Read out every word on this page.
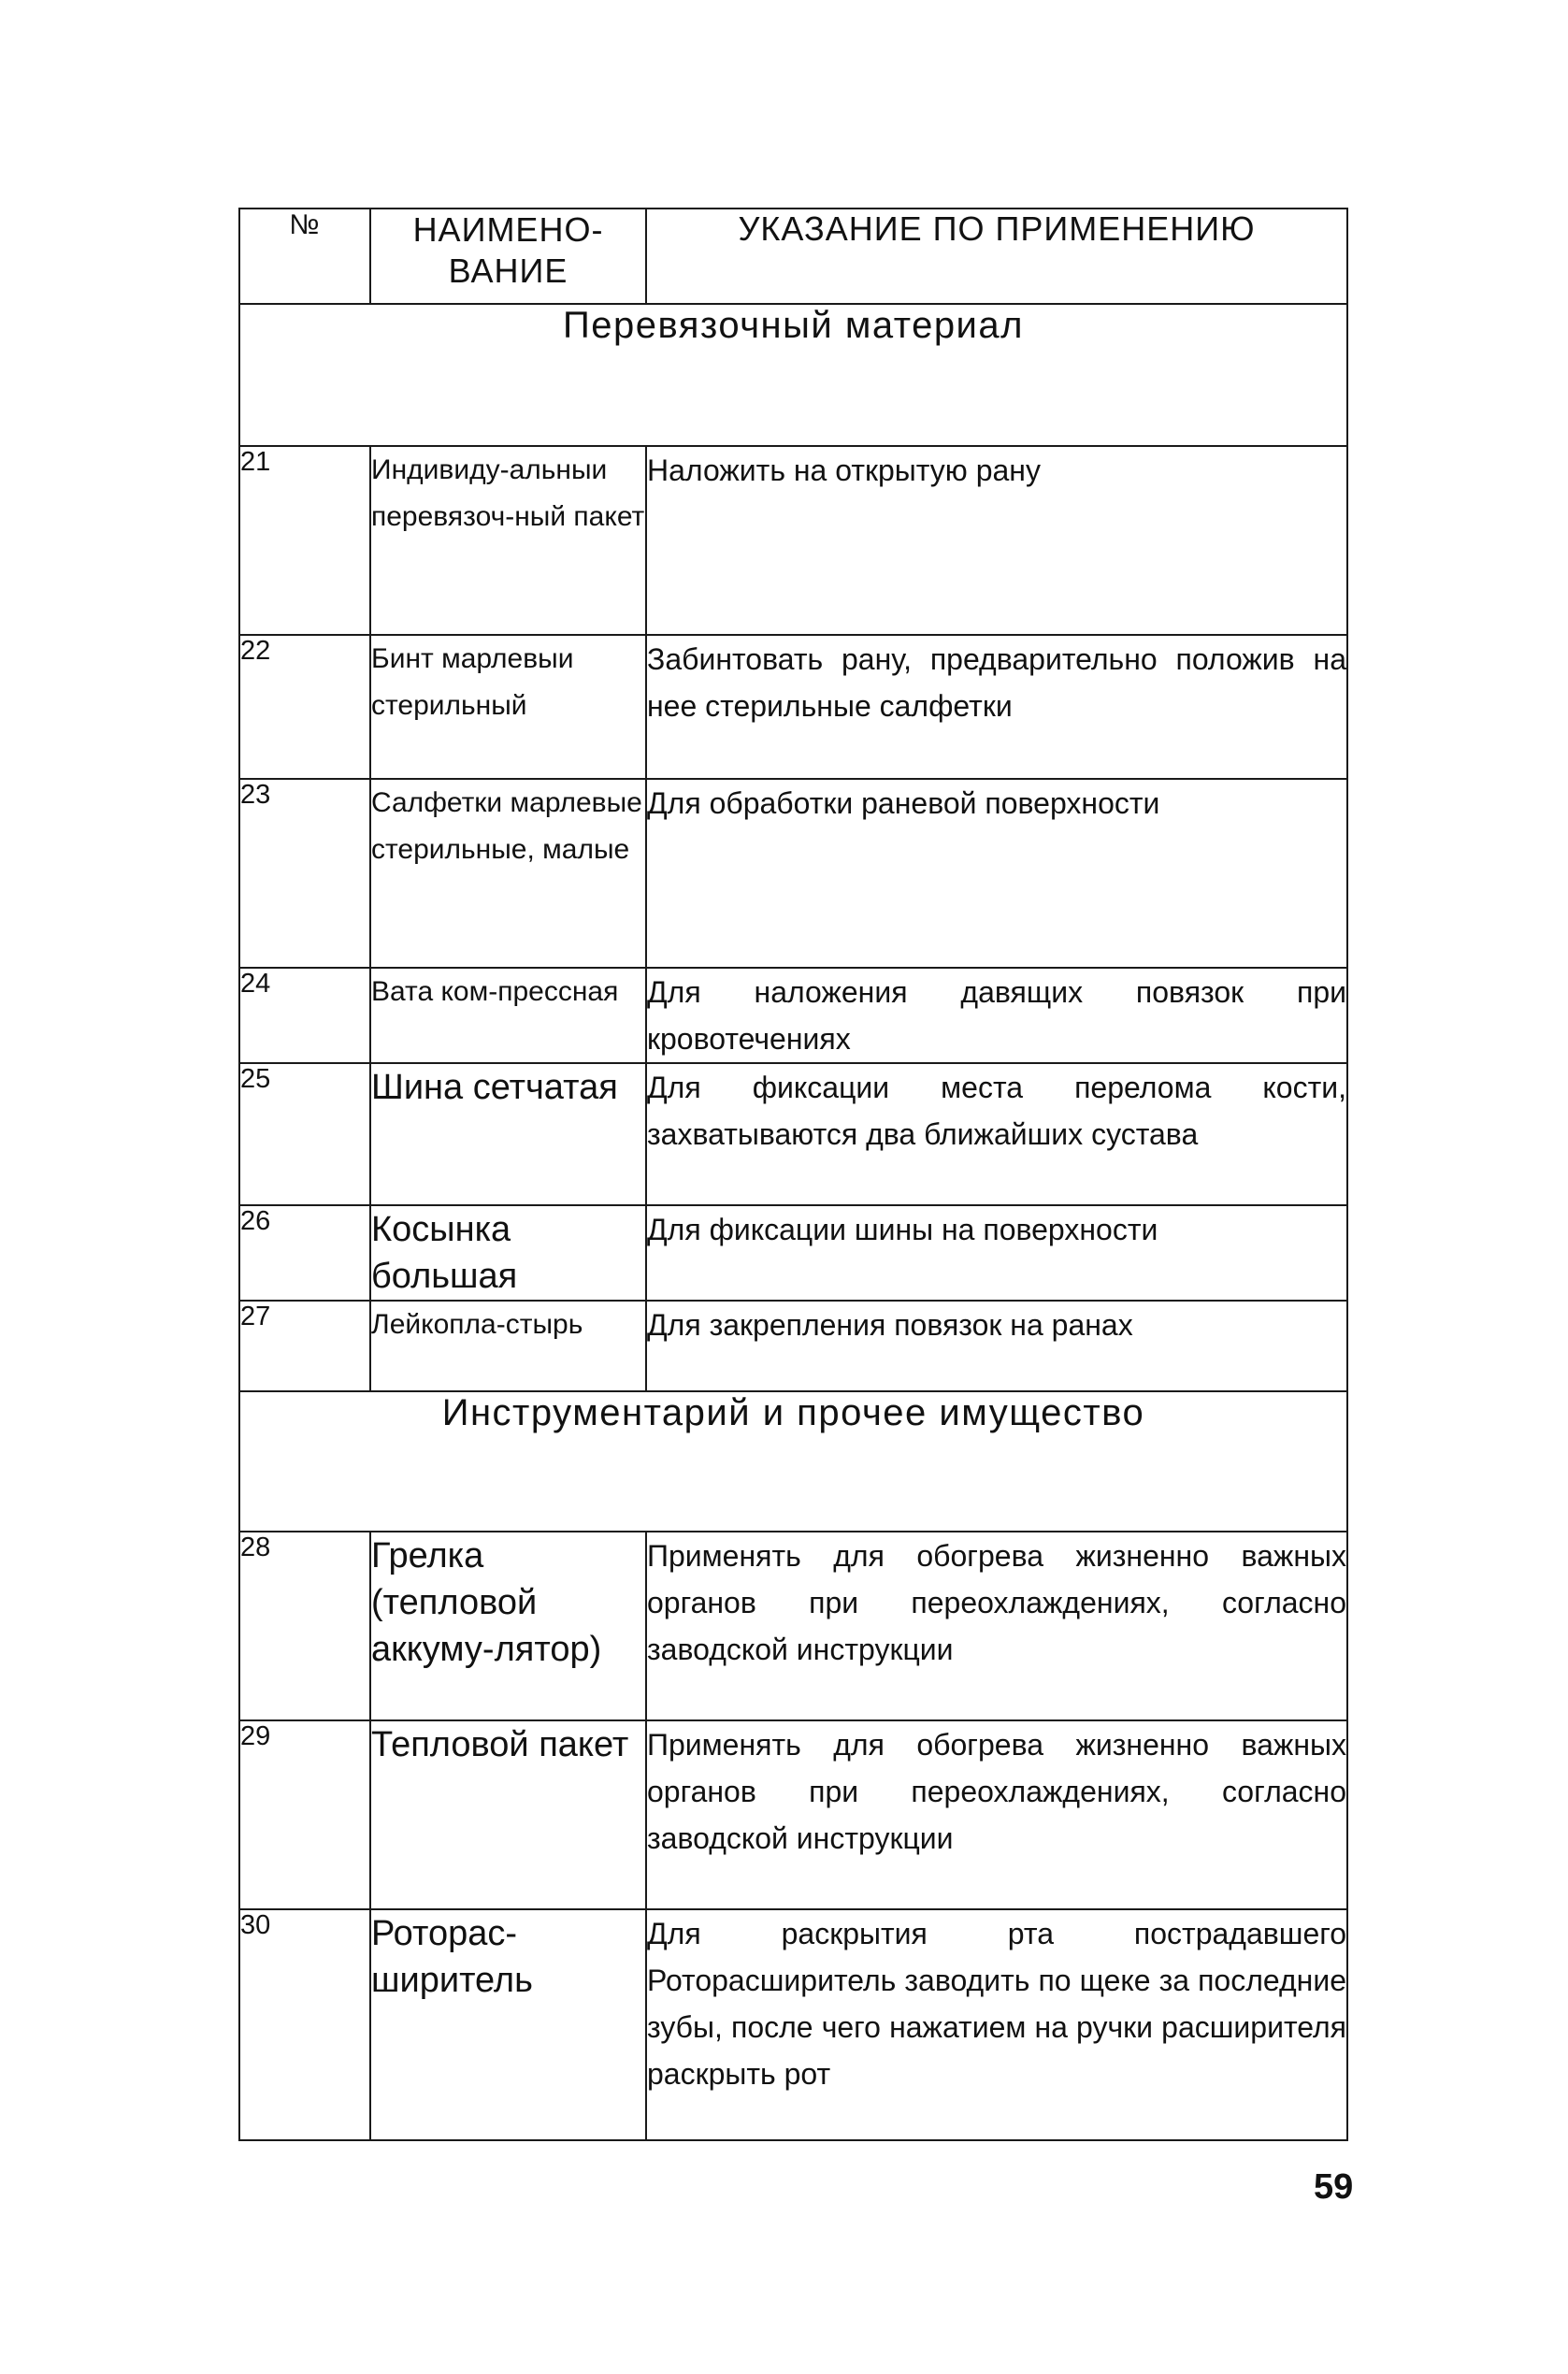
№	НАИМЕНО-ВАНИЕ	УКАЗАНИЕ ПО ПРИМЕНЕНИЮ
Перевязочный материал		
21	Индивиду-альныи перевязоч-ный пакет	Наложить на открытую рану
22	Бинт марлевыи стерильный	Забинтовать рану, предварительно положив на нее стерильные салфетки
23	Салфетки марлевые стерильные, малые	Для обработки раневой поверхности
24	Вата ком-прессная	Для наложения давящих повязок при кровотечениях
25	Шина сетчатая	Для фиксации места перелома кости, захватываются два ближайших сустава
26	Косынка большая	Для фиксации шины на поверхности
27	Лейкопла-стырь	Для закрепления повязок на ранах
Инструментарий и прочее имущество		
28	Грелка (тепловой аккуму-лятор)	Применять для обогрева жизненно важных органов при переохлаждениях, согласно заводской инструкции
29	Тепловой пакет	Применять для обогрева жизненно важных органов при переохлаждениях, согласно заводской инструкции
30	Роторас-ширитель	Для раскрытия рта пострадавшего Роторасширитель заводить по щеке за последние зубы, после чего нажатием на ручки расширителя раскрыть рот
59
